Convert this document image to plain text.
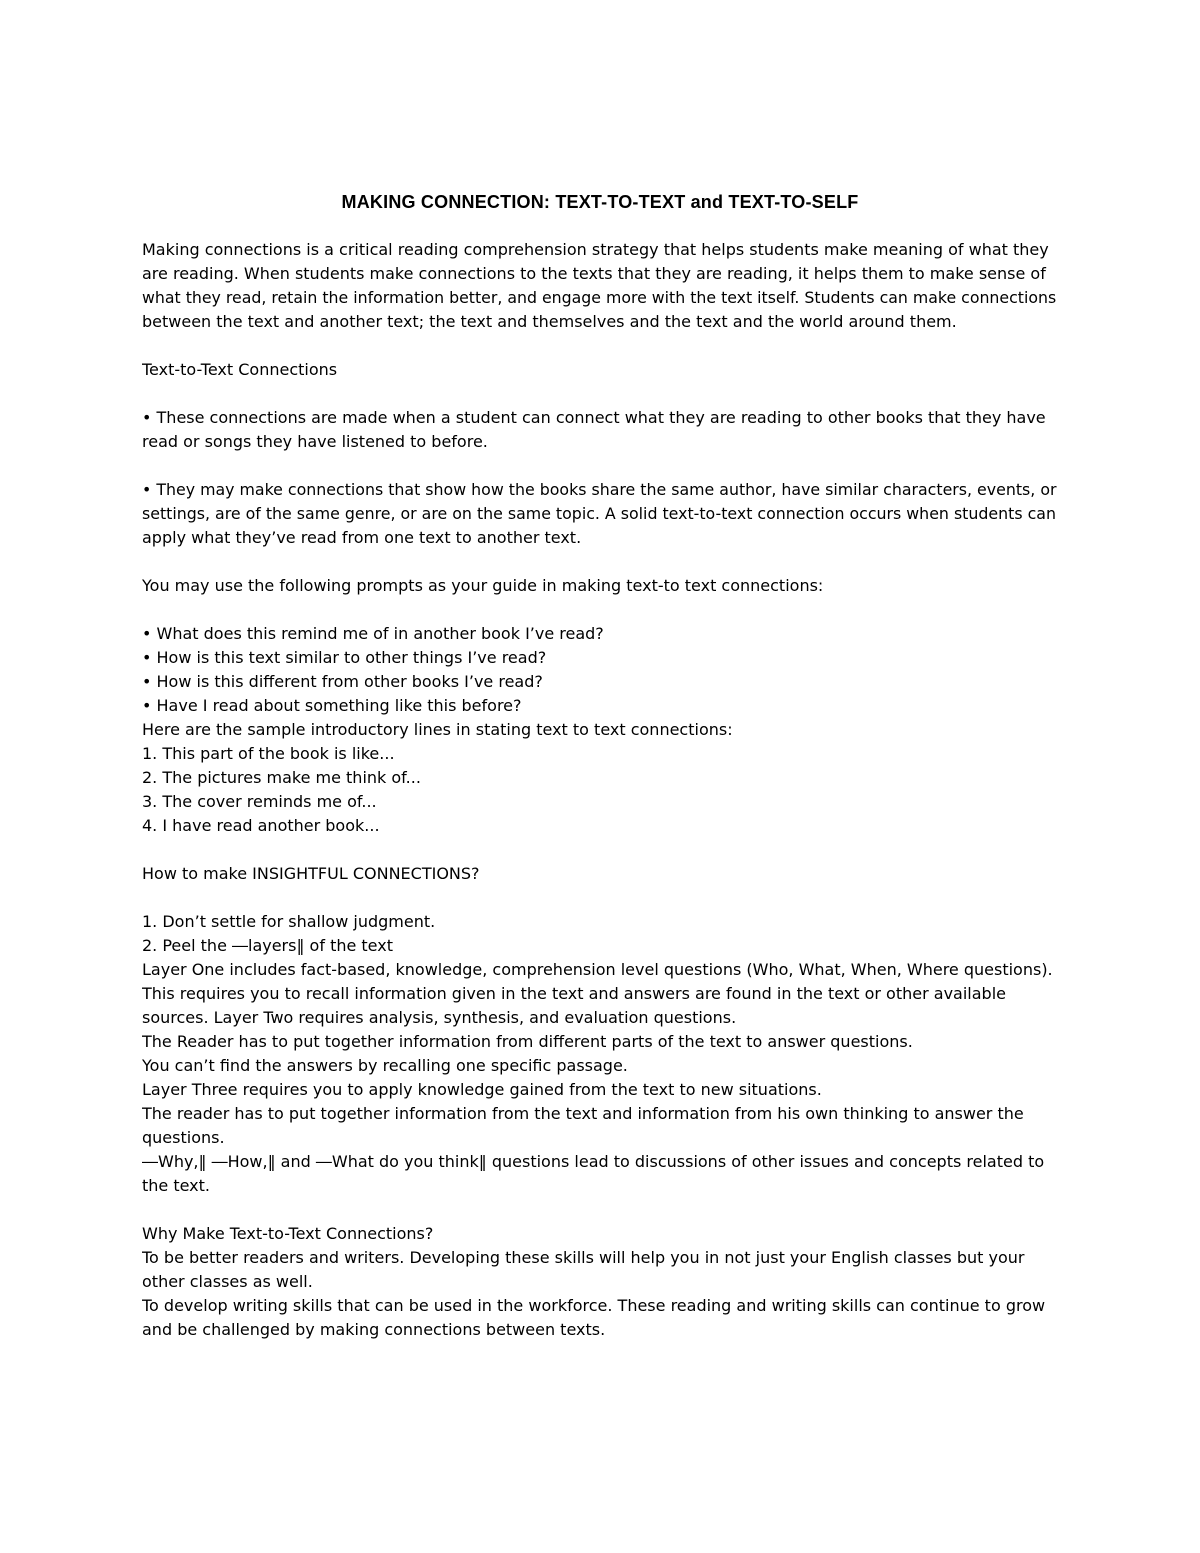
MAKING CONNECTION: TEXT-TO-TEXT and TEXT-TO-SELF
Making connections is a critical reading comprehension strategy that helps students make meaning of what they
are reading. When students make connections to the texts that they are reading, it helps them to make sense of
what they read, retain the information better, and engage more with the text itself. Students can make connections
between the text and another text; the text and themselves and the text and the world around them.
Text-to-Text Connections
• These connections are made when a student can connect what they are reading to other books that they have
read or songs they have listened to before.
• They may make connections that show how the books share the same author, have similar characters, events, or
settings, are of the same genre, or are on the same topic. A solid text-to-text connection occurs when students can
apply what they’ve read from one text to another text.
You may use the following prompts as your guide in making text-to text connections:
• What does this remind me of in another book I’ve read?
• How is this text similar to other things I’ve read?
• How is this different from other books I’ve read?
• Have I read about something like this before?
Here are the sample introductory lines in stating text to text connections:
1. This part of the book is like...
2. The pictures make me think of...
3. The cover reminds me of...
4. I have read another book...
How to make INSIGHTFUL CONNECTIONS?
1. Don’t settle for shallow judgment.
2. Peel the ―layers‖ of the text
Layer One includes fact-based, knowledge, comprehension level questions (Who, What, When, Where questions).
This requires you to recall information given in the text and answers are found in the text or other available
sources. Layer Two requires analysis, synthesis, and evaluation questions.
The Reader has to put together information from different parts of the text to answer questions.
You can’t find the answers by recalling one specific passage.
Layer Three requires you to apply knowledge gained from the text to new situations.
The reader has to put together information from the text and information from his own thinking to answer the
questions.
―Why,‖ ―How,‖ and ―What do you think‖ questions lead to discussions of other issues and concepts related to
the text.
Why Make Text-to-Text Connections?
To be better readers and writers. Developing these skills will help you in not just your English classes but your
other classes as well.
To develop writing skills that can be used in the workforce. These reading and writing skills can continue to grow
and be challenged by making connections between texts.
